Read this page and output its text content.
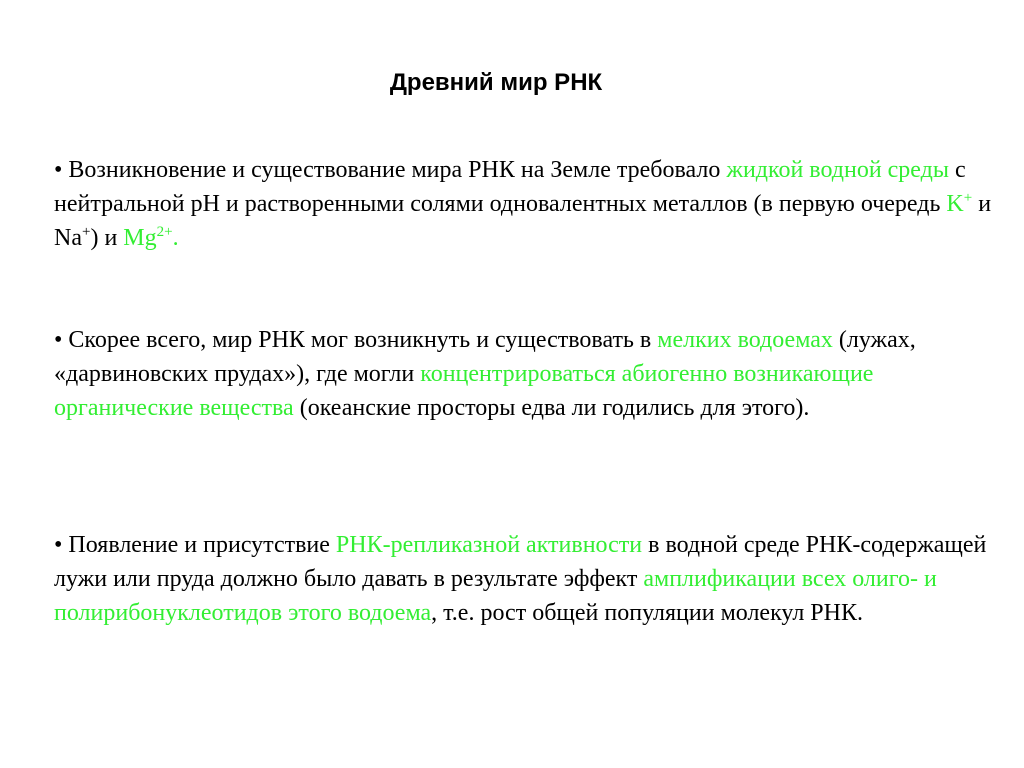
Древний мир РНК

• Возникновение и существование мира РНК на Земле требовало жидкой водной среды с нейтральной pH и растворенными солями одновалентных металлов (в первую очередь K+ и Na+) и $Mg^{2+}$.

• Скорее всего, мир РНК мог возникнуть и существовать в мелких водоемах (лужах, «дарвиновских прудах»), где могли концентрироваться абиогенно возникающие органические вещества (океанские просторы едва ли годились для этого).

• Появление и присутствие РНК-репликазной активности в водной среде РНК-содержащей лужи или пруда должно было давать в результате эффект амплификации всех олиго- и полирибонуклеотидов этого водоема, т.е. рост общей популяции молекул РНК.
